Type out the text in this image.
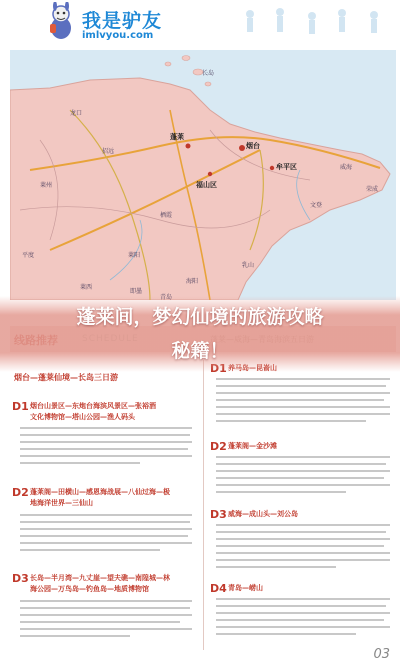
我是驴友
imlvyou.com
烟台
蓬莱
牟平区
福山区
长岛
龙口
栖霞
海阳
乳山
文登
威海
荣成
莱阳
招远
莱州
平度
莱西
即墨
烟台—蓬莱仙境—长岛三日游
D1 烟台山景区—东炮台海滨风景区—张裕酒
文化博物馆—塔山公园—渔人码头
D2 蓬莱阁—田横山—感恩海战展—八仙过海—极
地海洋世界—三仙山
D3 长岛—半月湾—九丈崖—望夫礁—南隍城—林
海公园—万鸟岛—钓鱼岛—地质博物馆
D2 蓬莱阁—金沙滩
D3 威海—成山头—刘公岛
D4 青岛—崂山
03
蓬莱间，梦幻仙境的旅游攻略
秘籍！
